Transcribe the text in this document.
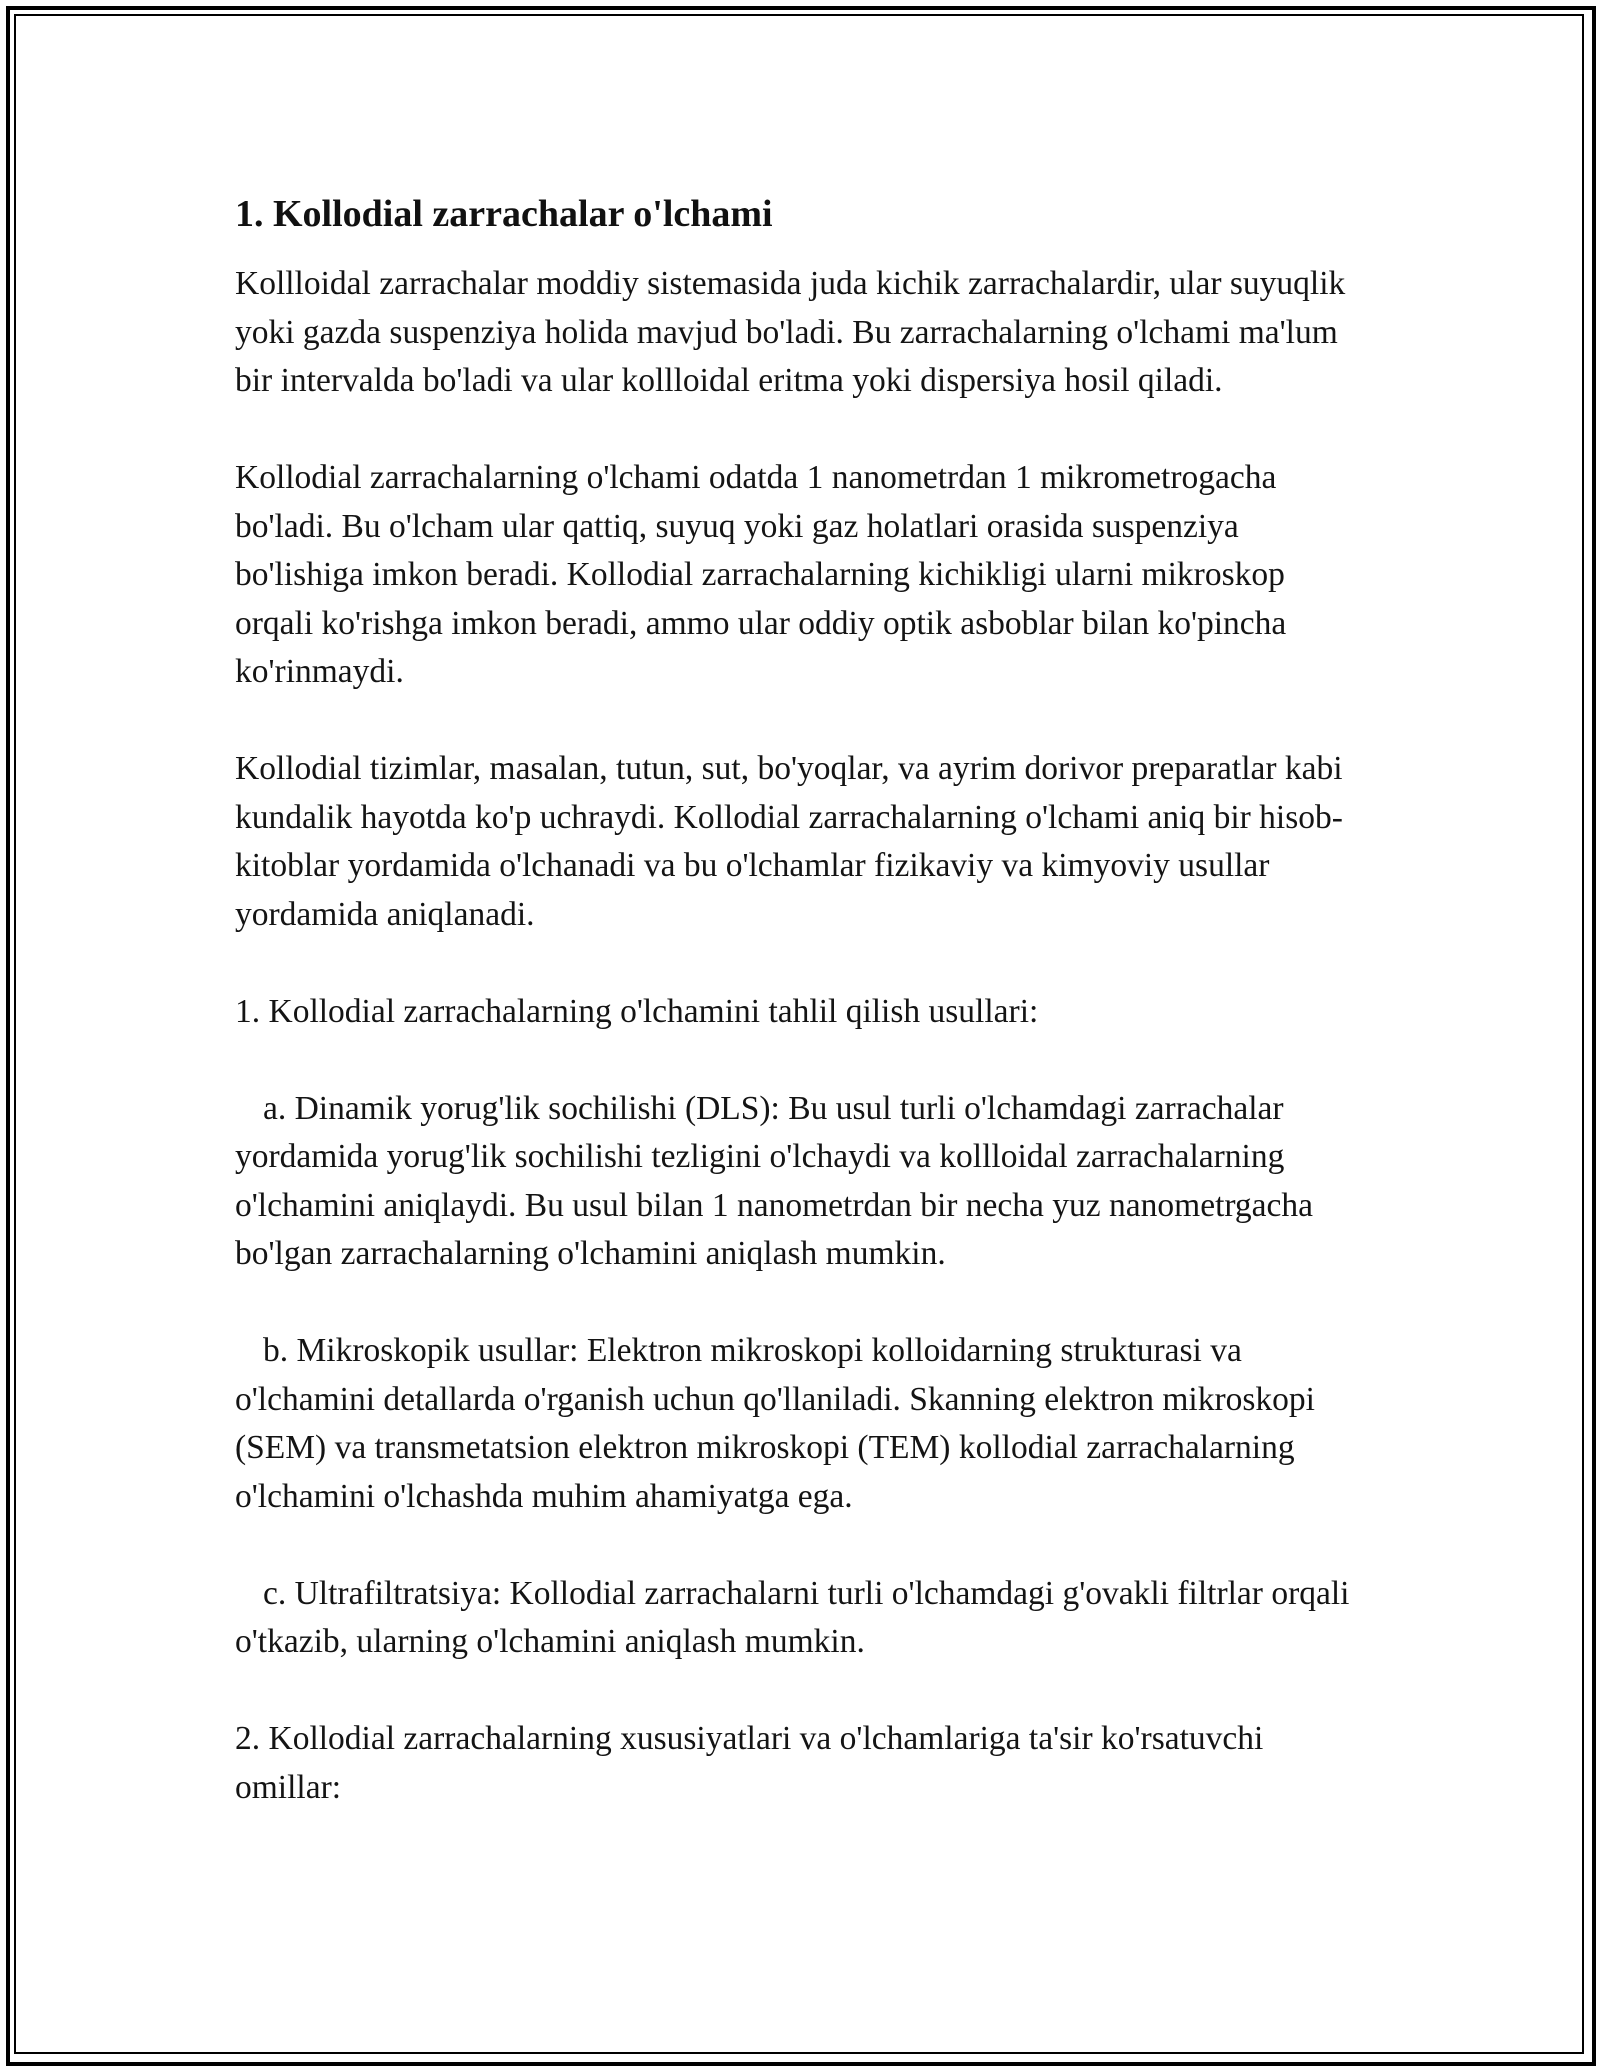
1. Kollodial zarrachalar o'lchami

Kollloidal zarrachalar moddiy sistemasida juda kichik zarrachalardir, ular suyuqlik yoki gazda suspenziya holida mavjud bo'ladi. Bu zarrachalarning o'lchami ma'lum bir intervalda bo'ladi va ular kollloidal eritma yoki dispersiya hosil qiladi.

Kollodial zarrachalarning o'lchami odatda 1 nanometrdan 1 mikrometrogacha bo'ladi. Bu o'lcham ular qattiq, suyuq yoki gaz holatlari orasida suspenziya bo'lishiga imkon beradi. Kollodial zarrachalarning kichikligi ularni mikroskop orqali ko'rishga imkon beradi, ammo ular oddiy optik asboblar bilan ko'pincha ko'rinmaydi.

Kollodial tizimlar, masalan, tutun, sut, bo'yoqlar, va ayrim dorivor preparatlar kabi kundalik hayotda ko'p uchraydi. Kollodial zarrachalarning o'lchami aniq bir hisob-kitoblar yordamida o'lchanadi va bu o'lchamlar fizikaviy va kimyoviy usullar yordamida aniqlanadi.

1. Kollodial zarrachalarning o'lchamini tahlil qilish usullari:

a. Dinamik yorug'lik sochilishi (DLS): Bu usul turli o'lchamdagi zarrachalar yordamida yorug'lik sochilishi tezligini o'lchaydi va kollloidal zarrachalarning o'lchamini aniqlaydi. Bu usul bilan 1 nanometrdan bir necha yuz nanometrgacha bo'lgan zarrachalarning o'lchamini aniqlash mumkin.

b. Mikroskopik usullar: Elektron mikroskopi kolloidarning strukturasi va o'lchamini detallarda o'rganish uchun qo'llaniladi. Skanning elektron mikroskopi (SEM) va transmetatsion elektron mikroskopi (TEM) kollodial zarrachalarning o'lchamini o'lchashda muhim ahamiyatga ega.

c. Ultrafiltratsiya: Kollodial zarrachalarni turli o'lchamdagi g'ovakli filtrlar orqali o'tkazib, ularning o'lchamini aniqlash mumkin.

2. Kollodial zarrachalarning xususiyatlari va o'lchamlariga ta'sir ko'rsatuvchi omillar:
